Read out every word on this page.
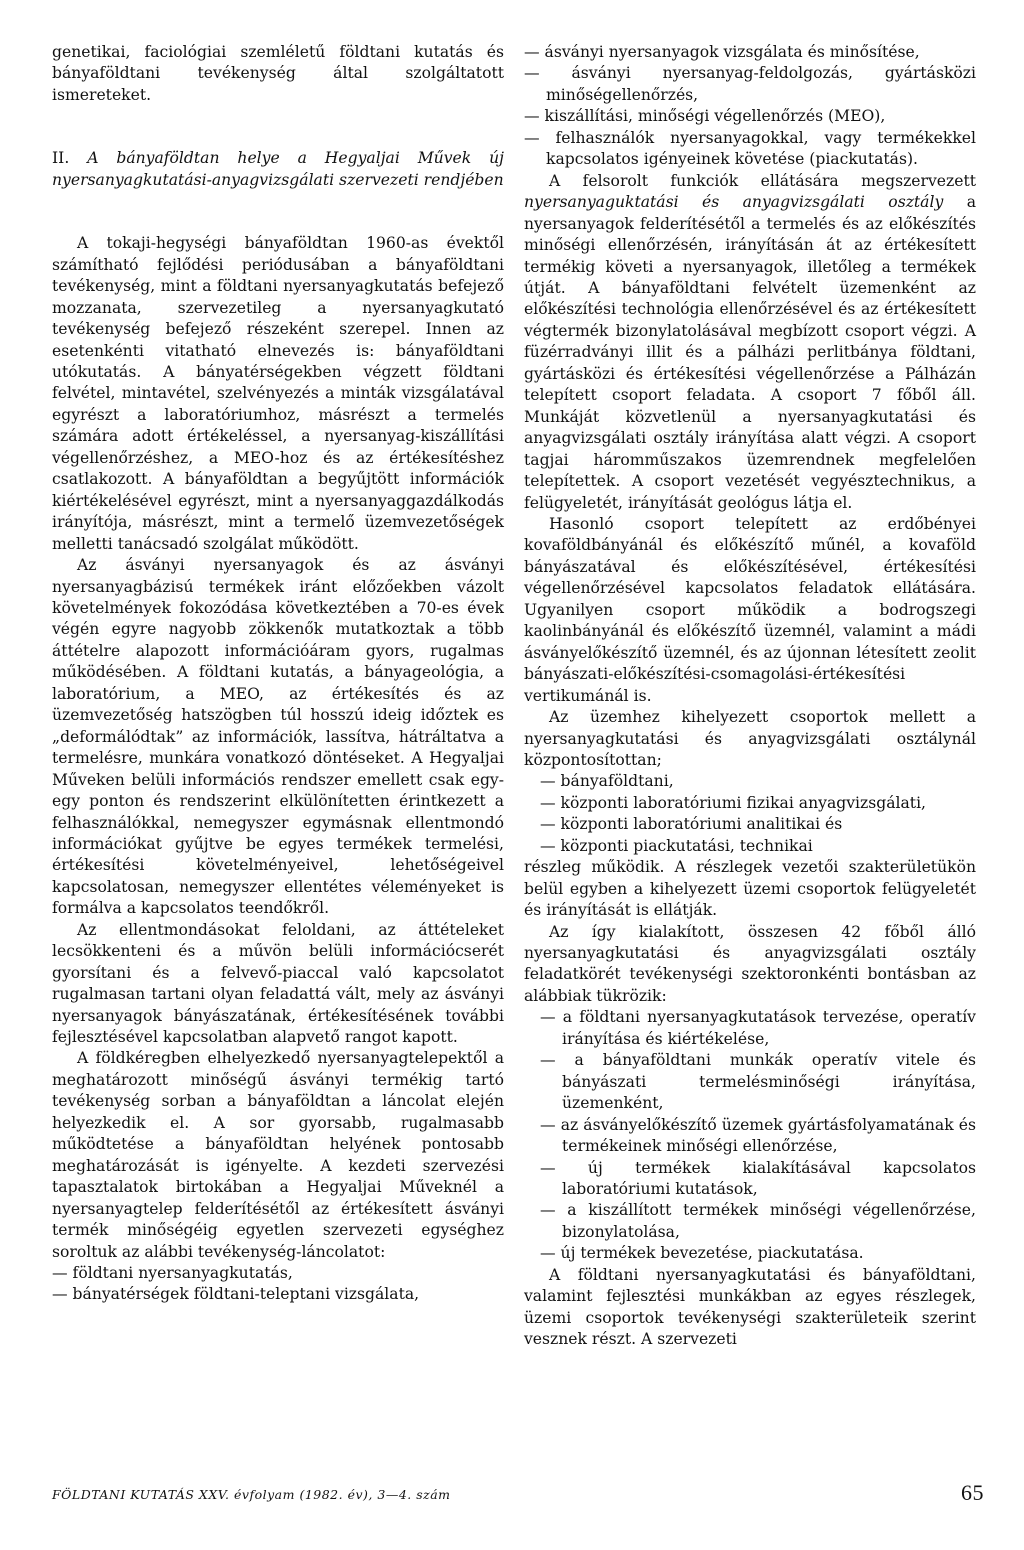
genetikai, faciológiai szemléletű földtani kutatás és bányaföldtani tevékenység által szolgáltatott ismereteket.

II. A bányaföldtan helye a Hegyaljai Művek új nyersanyagkutatási-anyagvizsgálati szervezeti rendjében

A tokaji-hegységi bányaföldtan 1960-as évektől számítható fejlődési periódusában a bányaföldtani tevékenység, mint a földtani nyersanyagkutatás befejező mozzanata, szervezetileg a nyersanyagkutató tevékenység befejező részeként szerepel. Innen az esetenkénti vitatható elnevezés is: bányaföldtani utókutatás. A bányatérségekben végzett földtani felvétel, mintavétel, szelvényezés a minták vizsgálatával egyrészt a laboratóriumhoz, másrészt a termelés számára adott értékeléssel, a nyersanyag-kiszállítási végellenőrzéshez, a MEO-hoz és az értékesítéshez csatlakozott. A bányaföldtan a begyűjtött információk kiértékelésével egyrészt, mint a nyersanyaggazdálkodás irányítója, másrészt, mint a termelő üzemvezetőségek melletti tanácsadó szolgálat működött.

Az ásványi nyersanyagok és az ásványi nyersanyagbázisú termékek iránt előzőekben vázolt követelmények fokozódása következtében a 70-es évek végén egyre nagyobb zökkenők mutatkoztak a több áttételre alapozott információáram gyors, rugalmas működésében. A földtani kutatás, a bányageológia, a laboratórium, a MEO, az értékesítés és az üzemvezetőség hatszögben túl hosszú ideig időztek es „deformálódtak” az információk, lassítva, hátráltatva a termelésre, munkára vonatkozó döntéseket. A Hegyaljai Műveken belüli információs rendszer emellett csak egy-egy ponton és rendszerint elkülönítetten érintkezett a felhasználókkal, nemegyszer egymásnak ellentmondó információkat gyűjtve be egyes termékek termelési, értékesítési követelményeivel, lehetőségeivel kapcsolatosan, nemegyszer ellentétes véleményeket is formálva a kapcsolatos teendőkről.

Az ellentmondásokat feloldani, az áttételeket lecsökkenteni és a művön belüli információcserét gyorsítani és a felvevő-piaccal való kapcsolatot rugalmasan tartani olyan feladattá vált, mely az ásványi nyersanyagok bányászatának, értékesítésének további fejlesztésével kapcsolatban alapvető rangot kapott.

A földkéregben elhelyezkedő nyersanyagtelepektől a meghatározott minőségű ásványi termékig tartó tevékenység sorban a bányaföldtan a láncolat elején helyezkedik el. A sor gyorsabb, rugalmasabb működtetése a bányaföldtan helyének pontosabb meghatározását is igényelte. A kezdeti szervezési tapasztalatok birtokában a Hegyaljai Műveknél a nyersanyagtelep felderítésétől az értékesített ásványi termék minőségéig egyetlen szervezeti egységhez soroltuk az alábbi tevékenység-láncolatot:

— földtani nyersanyagkutatás,
— bányatérségek földtani-teleptani vizsgálata,
— ásványi nyersanyagok vizsgálata és minősítése,
— ásványi nyersanyag-feldolgozás, gyártásközi minőségellenőrzés,
— kiszállítási, minőségi végellenőrzés (MEO),
— felhasználók nyersanyagokkal, vagy termékekkel kapcsolatos igényeinek követése (piackutatás).

A felsorolt funkciók ellátására megszervezett nyersanyaguktatási és anyagvizsgálati osztály a nyersanyagok felderítésétől a termelés és az előkészítés minőségi ellenőrzésén, irányításán át az értékesített termékig követi a nyersanyagok, illetőleg a termékek útját. A bányaföldtani felvételt üzemenként az előkészítési technológia ellenőrzésével és az értékesített végtermék bizonylatolásával megbízott csoport végzi. A füzérradványi illit és a pálházi perlitbánya földtani, gyártásközi és értékesítési végellenőrzése a Pálházán telepített csoport feladata. A csoport 7 főből áll. Munkáját közvetlenül a nyersanyagkutatási és anyagvizsgálati osztály irányítása alatt végzi. A csoport tagjai háromműszakos üzemrendnek megfelelően telepítettek. A csoport vezetését vegyésztechnikus, a felügyeletét, irányítását geológus látja el.

Hasonló csoport telepített az erdőbényei kovaföldbányánál és előkészítő műnél, a kovaföld bányászatával és előkészítésével, értékesítési végellenőrzésével kapcsolatos feladatok ellátására. Ugyanilyen csoport működik a bodrogszegi kaolinbányánál és előkészítő üzemnél, valamint a mádi ásványelőkészítő üzemnél, és az újonnan létesített zeolit bányászati-előkészítési-csomagolási-értékesítési vertikumánál is.

Az üzemhez kihelyezett csoportok mellett a nyersanyagkutatási és anyagvizsgálati osztálynál központosítottan;

— bányaföldtani,
— központi laboratóriumi fizikai anyagvizsgálati,
— központi laboratóriumi analitikai és
— központi piackutatási, technikai

részleg működik. A részlegek vezetői szakterületükön belül egyben a kihelyezett üzemi csoportok felügyeletét és irányítását is ellátják.

Az így kialakított, összesen 42 főből álló nyersanyagkutatási és anyagvizsgálati osztály feladatkörét tevékenységi szektoronkénti bontásban az alábbiak tükrözik:

— a földtani nyersanyagkutatások tervezése, operatív irányítása és kiértékelése,
— a bányaföldtani munkák operatív vitele és bányászati termelésminőségi irányítása, üzemenként,
— az ásványelőkészítő üzemek gyártásfolyamatának és termékeinek minőségi ellenőrzése,
— új termékek kialakításával kapcsolatos laboratóriumi kutatások,
— a kiszállított termékek minőségi végellenőrzése, bizonylatolása,
— új termékek bevezetése, piackutatása.

A földtani nyersanyagkutatási és bányaföldtani, valamint fejlesztési munkákban az egyes részlegek, üzemi csoportok tevékenységi szakterületeik szerint vesznek részt. A szervezeti

FÖLDTANI KUTATÁS XXV. évfolyam (1982. év), 3—4. szám	65
